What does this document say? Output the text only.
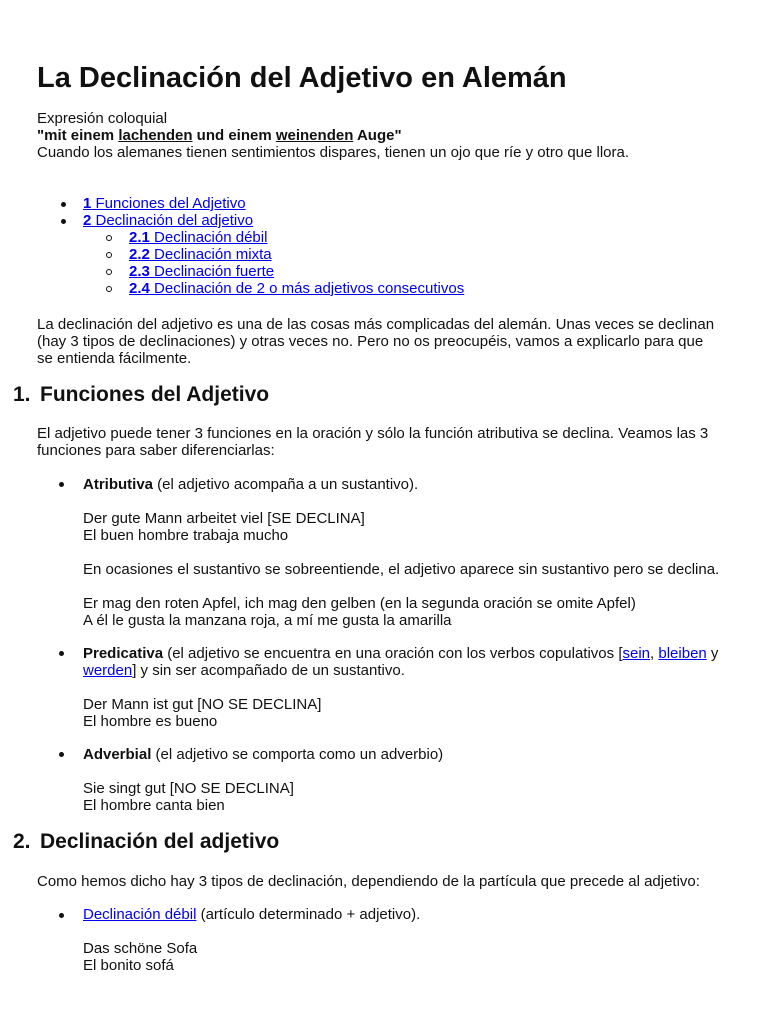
La Declinación del Adjetivo en Alemán
Expresión coloquial
"mit einem lachenden und einem weinenden Auge"
Cuando los alemanes tienen sentimientos dispares, tienen un ojo que ríe y otro que llora.
1 Funciones del Adjetivo
2 Declinación del adjetivo
2.1 Declinación débil
2.2 Declinación mixta
2.3 Declinación fuerte
2.4 Declinación de 2 o más adjetivos consecutivos
La declinación del adjetivo es una de las cosas más complicadas del alemán. Unas veces se declinan
(hay 3 tipos de declinaciones) y otras veces no. Pero no os preocupéis, vamos a explicarlo para que
se entienda fácilmente.
1. Funciones del Adjetivo
El adjetivo puede tener 3 funciones en la oración y sólo la función atributiva se declina. Veamos las 3
funciones para saber diferenciarlas:
Atributiva (el adjetivo acompaña a un sustantivo).
Der gute Mann arbeitet viel [SE DECLINA]
El buen hombre trabaja mucho
En ocasiones el sustantivo se sobreentiende, el adjetivo aparece sin sustantivo pero se declina.
Er mag den roten Apfel, ich mag den gelben (en la segunda oración se omite Apfel)
A él le gusta la manzana roja, a mí me gusta la amarilla
Predicativa (el adjetivo se encuentra en una oración con los verbos copulativos [sein, bleiben y
werden] y sin ser acompañado de un sustantivo.
Der Mann ist gut [NO SE DECLINA]
El hombre es bueno
Adverbial (el adjetivo se comporta como un adverbio)
Sie singt gut [NO SE DECLINA]
El hombre canta bien
2. Declinación del adjetivo
Como hemos dicho hay 3 tipos de declinación, dependiendo de la partícula que precede al adjetivo:
Declinación débil (artículo determinado + adjetivo).
Das schöne Sofa
El bonito sofá
